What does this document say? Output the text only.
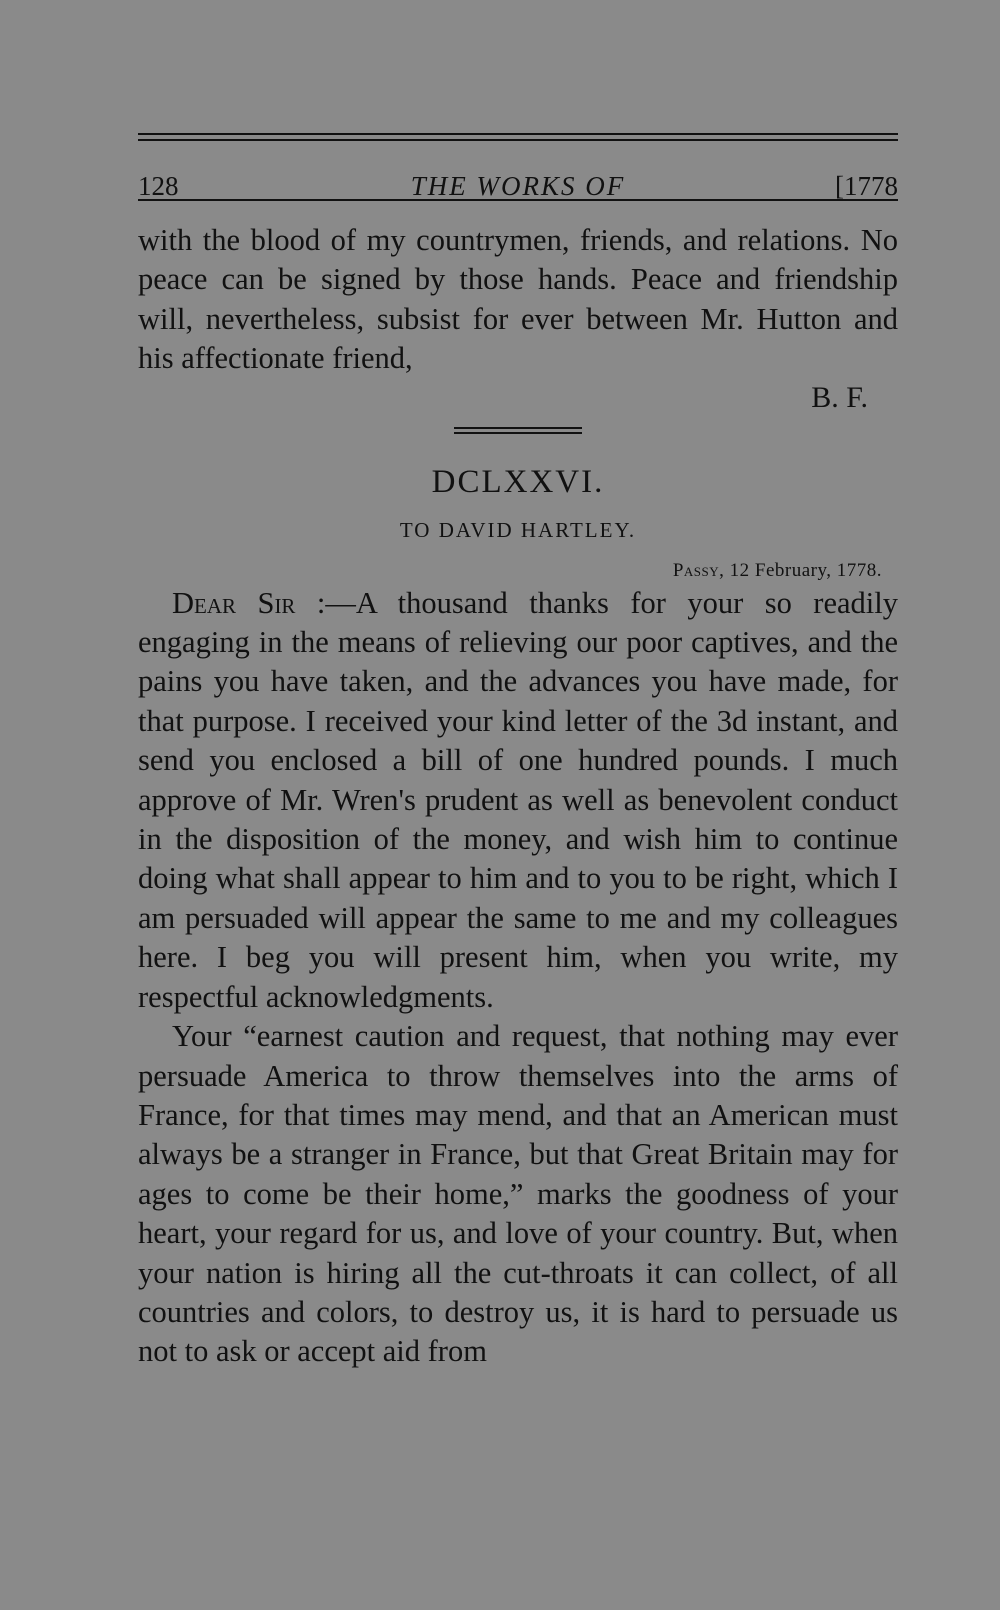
128	THE WORKS OF	[1778

with the blood of my countrymen, friends, and relations. No peace can be signed by those hands. Peace and friendship will, nevertheless, subsist for ever between Mr. Hutton and his affectionate friend,

B. F.
DCLXXVI.
TO DAVID HARTLEY.
Passy, 12 February, 1778.

Dear Sir :—A thousand thanks for your so readily engaging in the means of relieving our poor captives, and the pains you have taken, and the advances you have made, for that purpose. I received your kind letter of the 3d instant, and send you enclosed a bill of one hundred pounds. I much approve of Mr. Wren's prudent as well as benevolent conduct in the disposition of the money, and wish him to continue doing what shall appear to him and to you to be right, which I am persuaded will appear the same to me and my colleagues here. I beg you will present him, when you write, my respectful acknowledgments.

Your “earnest caution and request, that nothing may ever persuade America to throw themselves into the arms of France, for that times may mend, and that an American must always be a stranger in France, but that Great Britain may for ages to come be their home,” marks the goodness of your heart, your regard for us, and love of your country. But, when your nation is hiring all the cut-throats it can collect, of all countries and colors, to destroy us, it is hard to persuade us not to ask or accept aid from
